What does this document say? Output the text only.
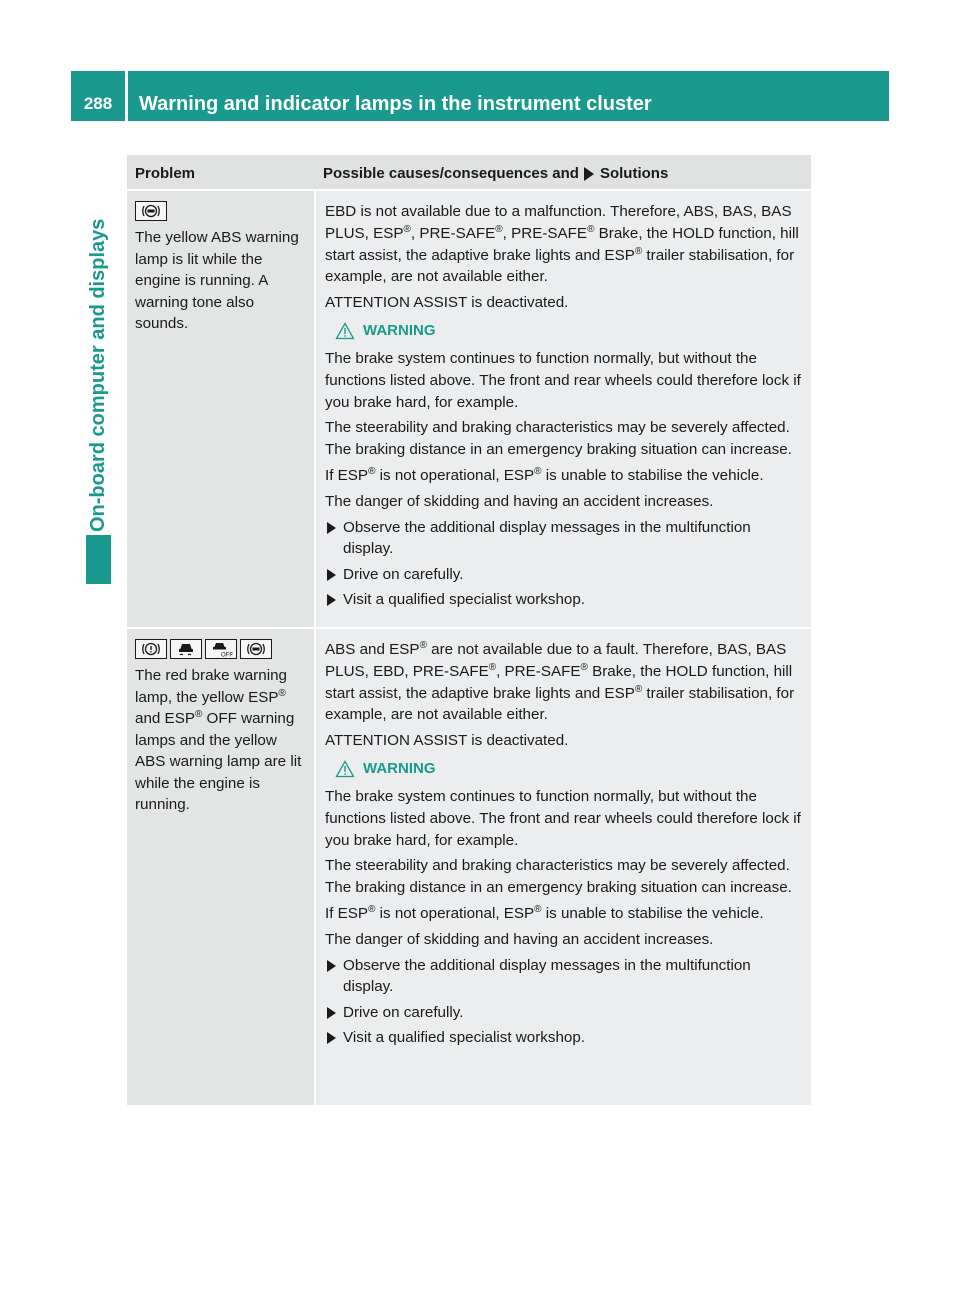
288	Warning and indicator lamps in the instrument cluster
On-board computer and displays
Problem	Possible causes/consequences and Solutions
The yellow ABS warning lamp is lit while the engine is running. A warning tone also sounds.

EBD is not available due to a malfunction. Therefore, ABS, BAS, BAS PLUS, ESP®, PRE-SAFE®, PRE-SAFE® Brake, the HOLD function, hill start assist, the adaptive brake lights and ESP® trailer stabilisation, for example, are not available either.

ATTENTION ASSIST is deactivated.

WARNING

The brake system continues to function normally, but without the functions listed above. The front and rear wheels could therefore lock if you brake hard, for example.

The steerability and braking characteristics may be severely affected. The braking distance in an emergency braking situation can increase.

If ESP® is not operational, ESP® is unable to stabilise the vehicle.

The danger of skidding and having an accident increases.

Observe the additional display messages in the multifunction display.
Drive on carefully.
Visit a qualified specialist workshop.
OFF
The red brake warning lamp, the yellow ESP® and ESP® OFF warning lamps and the yellow ABS warning lamp are lit while the engine is running.

ABS and ESP® are not available due to a fault. Therefore, BAS, BAS PLUS, EBD, PRE-SAFE®, PRE-SAFE® Brake, the HOLD function, hill start assist, the adaptive brake lights and ESP® trailer stabilisation, for example, are not available either.

ATTENTION ASSIST is deactivated.

WARNING

The brake system continues to function normally, but without the functions listed above. The front and rear wheels could therefore lock if you brake hard, for example.

The steerability and braking characteristics may be severely affected. The braking distance in an emergency braking situation can increase.

If ESP® is not operational, ESP® is unable to stabilise the vehicle.

The danger of skidding and having an accident increases.

Observe the additional display messages in the multifunction display.
Drive on carefully.
Visit a qualified specialist workshop.
